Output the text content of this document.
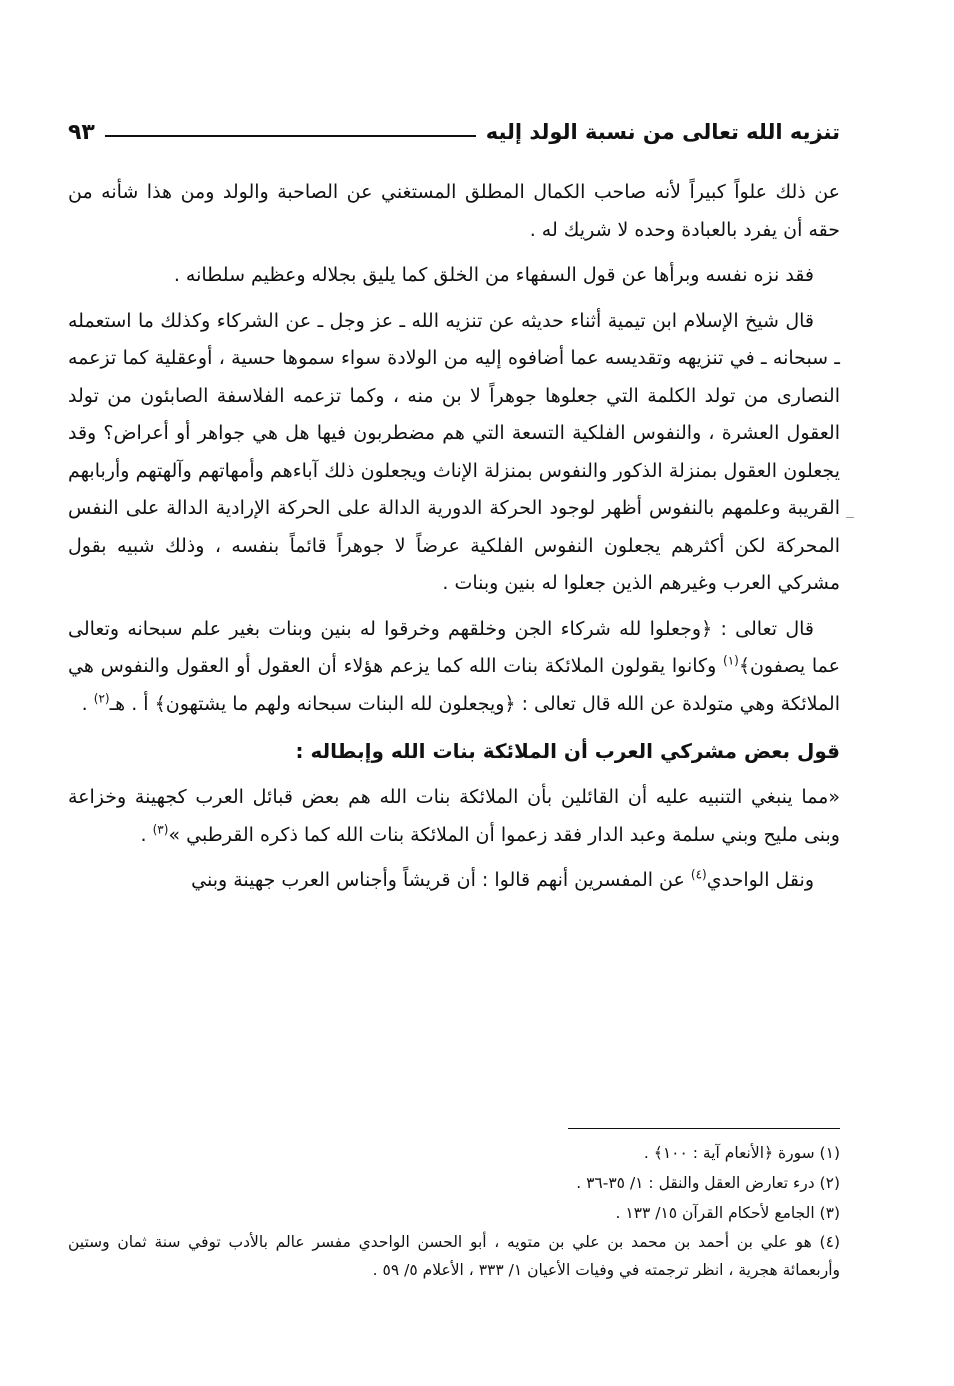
تنزيه الله تعالى من نسبة الولد إليه
٩٣

عن ذلك علواً كبيراً لأنه صاحب الكمال المطلق المستغني عن الصاحبة والولد ومن هذا شأنه من حقه أن يفرد بالعبادة وحده لا شريك له .

فقد نزه نفسه وبرأها عن قول السفهاء من الخلق كما يليق بجلاله وعظيم سلطانه .

قال شيخ الإسلام ابن تيمية أثناء حديثه عن تنزيه الله ـ عز وجل ـ عن الشركاء وكذلك ما استعمله ـ سبحانه ـ في تنزيهه وتقديسه عما أضافوه إليه من الولادة سواء سموها حسية ، أوعقلية كما تزعمه النصارى من تولد الكلمة التي جعلوها جوهراً لا بن منه ، وكما تزعمه الفلاسفة الصابئون من تولد العقول العشرة ، والنفوس الفلكية التسعة التي هم مضطربون فيها هل هي جواهر أو أعراض؟ وقد يجعلون العقول بمنزلة الذكور والنفوس بمنزلة الإناث ويجعلون ذلك آباءهم وأمهاتهم وآلهتهم وأربابهم القريبة وعلمهم بالنفوس أظهر لوجود الحركة الدورية الدالة على الحركة الإرادية الدالة على النفس المحركة لكن أكثرهم يجعلون النفوس الفلكية عرضاً لا جوهراً قائماً بنفسه ، وذلك شبيه بقول مشركي العرب وغيرهم الذين جعلوا له بنين وبنات .

قال تعالى : ﴿وجعلوا لله شركاء الجن وخلقهم وخرقوا له بنين وبنات بغير علم سبحانه وتعالى عما يصفون﴾$^{(١)}$ وكانوا يقولون الملائكة بنات الله كما يزعم هؤلاء أن العقول أو العقول والنفوس هي الملائكة وهي متولدة عن الله قال تعالى : ﴿ويجعلون لله البنات سبحانه ولهم ما يشتهون﴾ أ . هـ$^{(٢)}$ .

قول بعض مشركي العرب أن الملائكة بنات الله وإبطاله :

«مما ينبغي التنبيه عليه أن القائلين بأن الملائكة بنات الله هم بعض قبائل العرب كجهينة وخزاعة وبنى مليح وبني سلمة وعبد الدار فقد زعموا أن الملائكة بنات الله كما ذكره القرطبي »$^{(٣)}$ .

ونقل الواحدي$^{(٤)}$ عن المفسرين أنهم قالوا : أن قريشاً وأجناس العرب جهينة وبني

(١) سورة ﴿الأنعام آية : ١٠٠﴾ .

(٢) درء تعارض العقل والنقل : ١/ ٣٥-٣٦ .

(٣) الجامع لأحكام القرآن ١٥/ ١٣٣ .

(٤) هو علي بن أحمد بن محمد بن علي بن متويه ، أبو الحسن الواحدي مفسر عالم بالأدب توفي سنة ثمان وستين وأربعمائة هجرية ، انظر ترجمته في وفيات الأعيان ١/ ٣٣٣ ، الأعلام ٥/ ٥٩ .
